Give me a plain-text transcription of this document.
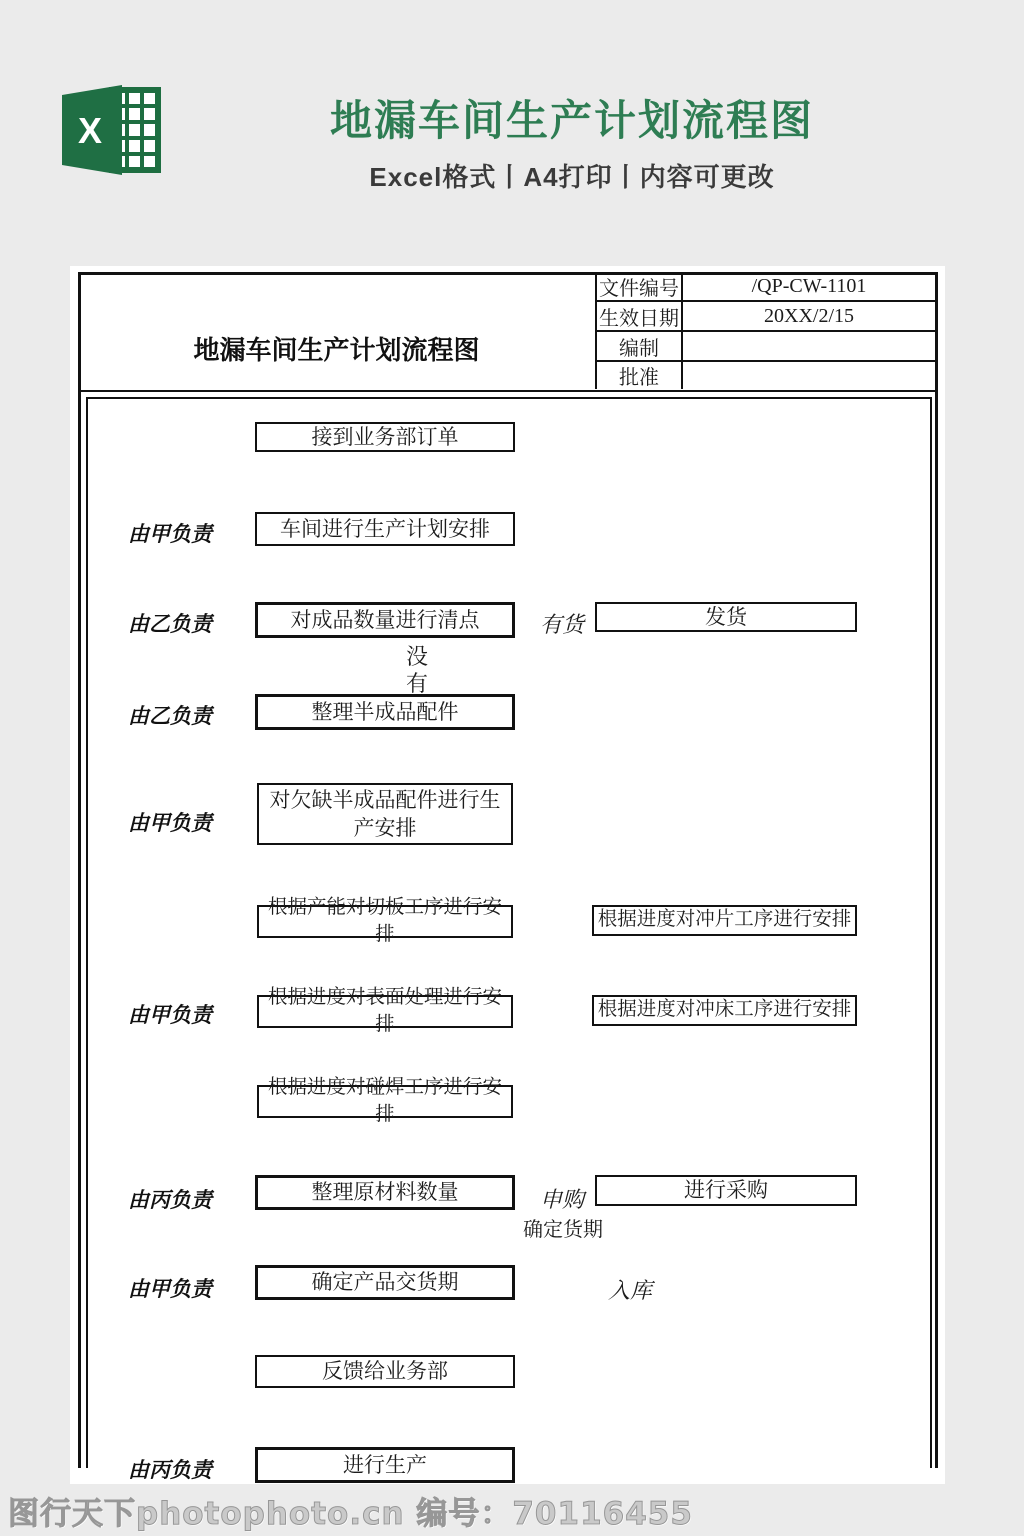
X	地漏车间生产计划流程图
Excel格式丨A4打印丨内容可更改
地漏车间生产计划流程图
文件编号	/QP-CW-1101
生效日期	20XX/2/15
编制
批准
由甲负责
由乙负责
由乙负责
由甲负责
由甲负责
由丙负责
由甲负责
由丙负责
接到业务部订单
车间进行生产计划安排
对成品数量进行清点	发货
整理半成品配件
对欠缺半成品配件进行生产安排
根据产能对切板工序进行安排
根据进度对冲片工序进行安排
根据进度对表面处理进行安排
根据进度对冲床工序进行安排
根据进度对碰焊工序进行安排
整理原材料数量	进行采购
确定产品交货期
反馈给业务部
进行生产
有货
没
有
申购
确定货期
入库
图行天下photophoto.cn 编号：70116455
